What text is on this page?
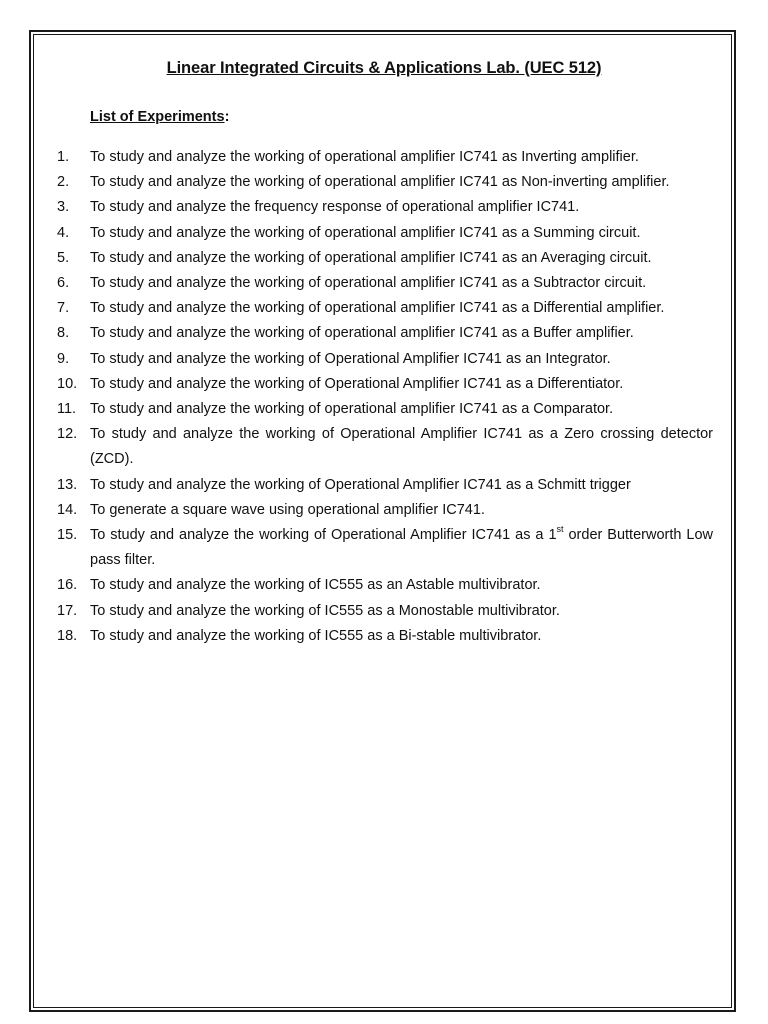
Linear Integrated Circuits & Applications Lab. (UEC 512)
List of Experiments:
1. To study and analyze the working of operational amplifier IC741 as Inverting amplifier.
2. To study and analyze the working of operational amplifier IC741 as Non-inverting amplifier.
3. To study and analyze the frequency response of operational amplifier IC741.
4. To study and analyze the working of operational amplifier IC741 as a Summing circuit.
5. To study and analyze the working of operational amplifier IC741 as an Averaging circuit.
6. To study and analyze the working of operational amplifier IC741 as a Subtractor circuit.
7. To study and analyze the working of operational amplifier IC741 as a Differential amplifier.
8. To study and analyze the working of operational amplifier IC741 as a Buffer amplifier.
9. To study and analyze the working of Operational Amplifier IC741 as an Integrator.
10. To study and analyze the working of Operational Amplifier IC741 as a Differentiator.
11. To study and analyze the working of operational amplifier IC741 as a Comparator.
12. To study and analyze the working of Operational Amplifier IC741 as a Zero crossing detector (ZCD).
13. To study and analyze the working of Operational Amplifier IC741 as a Schmitt trigger
14. To generate a square wave using operational amplifier IC741.
15. To study and analyze the working of Operational Amplifier IC741 as a 1st order Butterworth Low pass filter.
16. To study and analyze the working of IC555 as an Astable multivibrator.
17. To study and analyze the working of IC555 as a Monostable multivibrator.
18. To study and analyze the working of IC555 as a Bi-stable multivibrator.
